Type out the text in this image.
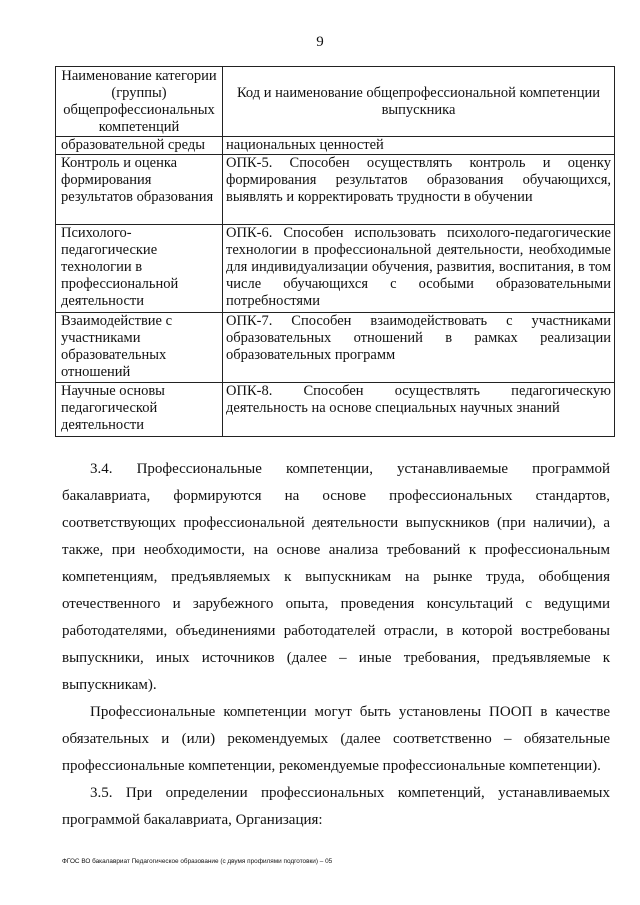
9
Наименование категории (группы) общепрофессиональных компетенций	Код и наименование общепрофессиональной компетенции выпускника
образовательной среды	национальных ценностей
Контроль и оценка формирования результатов образования	ОПК-5. Способен осуществлять контроль и оценку формирования результатов образования обучающихся, выявлять и корректировать трудности в обучении
Психолого-педагогические технологии в профессиональной деятельности	ОПК-6. Способен использовать психолого-педагогические технологии в профессиональной деятельности, необходимые для индивидуализации обучения, развития, воспитания, в том числе обучающихся с особыми образовательными потребностями
Взаимодействие с участниками образовательных отношений	ОПК-7. Способен взаимодействовать с участниками образовательных отношений в рамках реализации образовательных программ
Научные основы педагогической деятельности	ОПК-8. Способен осуществлять педагогическую деятельность на основе специальных научных знаний

3.4. Профессиональные компетенции, устанавливаемые программой бакалавриата, формируются на основе профессиональных стандартов, соответствующих профессиональной деятельности выпускников (при наличии), а также, при необходимости, на основе анализа требований к профессиональным компетенциям, предъявляемых к выпускникам на рынке труда, обобщения отечественного и зарубежного опыта, проведения консультаций с ведущими работодателями, объединениями работодателей отрасли, в которой востребованы выпускники, иных источников (далее – иные требования, предъявляемые к выпускникам).

Профессиональные компетенции могут быть установлены ПООП в качестве обязательных и (или) рекомендуемых (далее соответственно – обязательные профессиональные компетенции, рекомендуемые профессиональные компетенции).

3.5. При определении профессиональных компетенций, устанавливаемых программой бакалавриата, Организация:

ФГОС ВО бакалавриат Педагогическое образование (с двумя профилями подготовки) – 05
